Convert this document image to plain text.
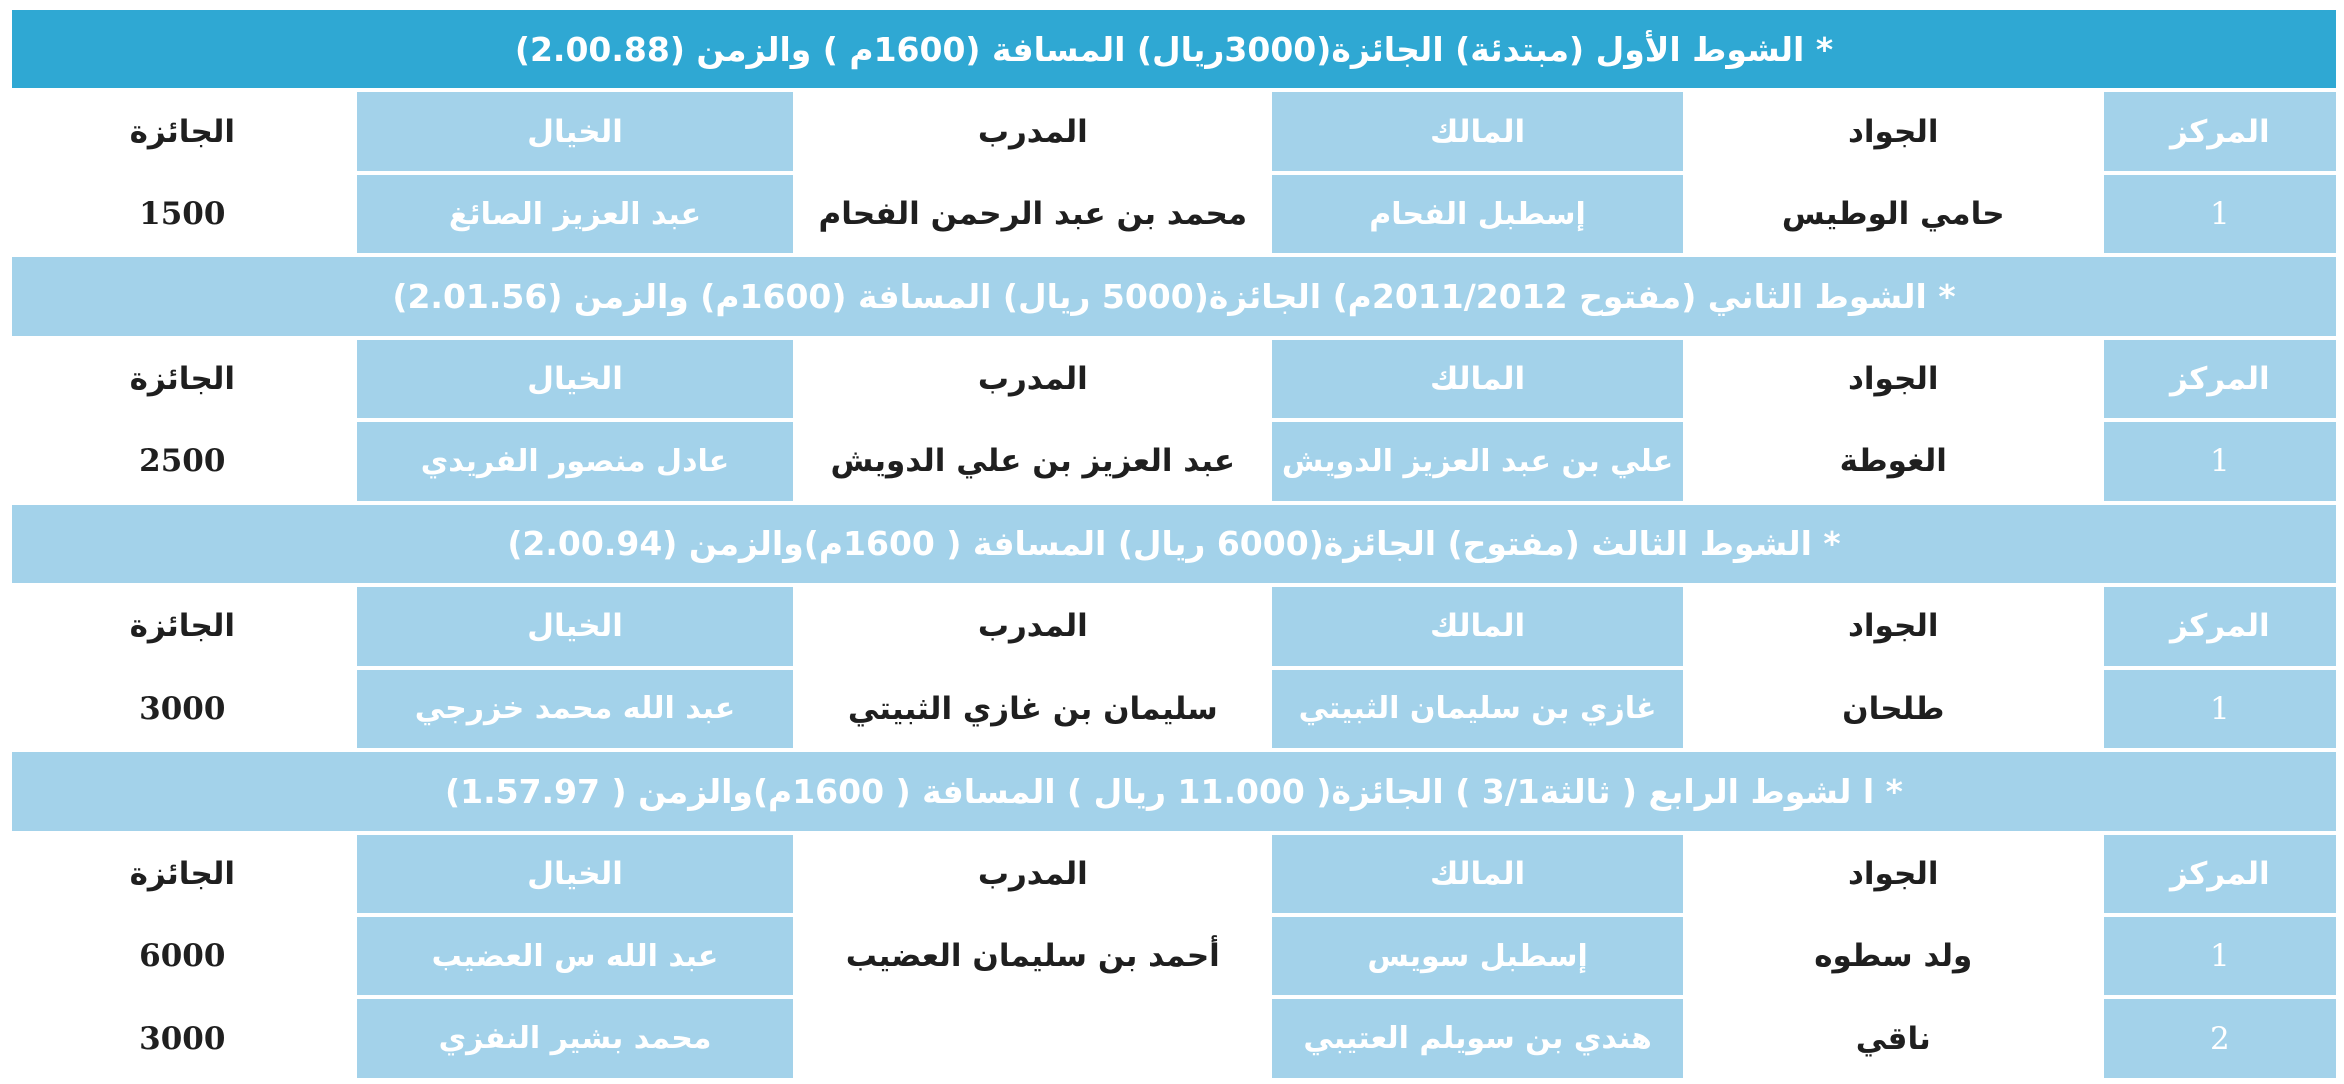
* الشوط الأول (مبتدئة) الجائزة(3000ريال) المسافة (1600م ) والزمن (2.00.88)					
المركز	الجواد	المالك	المدرب	الخيال	الجائزة
1	حامي الوطيس	إسطبل الفحام	محمد بن عبد الرحمن الفحام	عبد العزيز الصائغ	1500
* الشوط الثاني (مفتوح 2011/2012م) الجائزة(5000 ريال) المسافة (1600م) والزمن (2.01.56)					
المركز	الجواد	المالك	المدرب	الخيال	الجائزة
1	الغوطة	علي بن عبد العزيز الدويش	عبد العزيز بن علي الدويش	عادل منصور الفريدي	2500
* الشوط الثالث (مفتوح) الجائزة(6000 ريال) المسافة ( 1600م)والزمن (2.00.94)					
المركز	الجواد	المالك	المدرب	الخيال	الجائزة
1	طلحان	غازي بن سليمان الثبيتي	سليمان بن غازي الثبيتي	عبد الله محمد خزرجي	3000
* ا لشوط الرابع ( ثالثة3/1 ) الجائزة( 11.000 ريال ) المسافة ( 1600م)والزمن ( 1.57.97)					
المركز	الجواد	المالك	المدرب	الخيال	الجائزة
1	ولد سطوه	إسطبل سويس	أحمد بن سليمان العضيب	عبد الله س العضيب	6000
2	ناقي	هندي بن سويلم العتيبي		محمد بشير النفزي	3000
